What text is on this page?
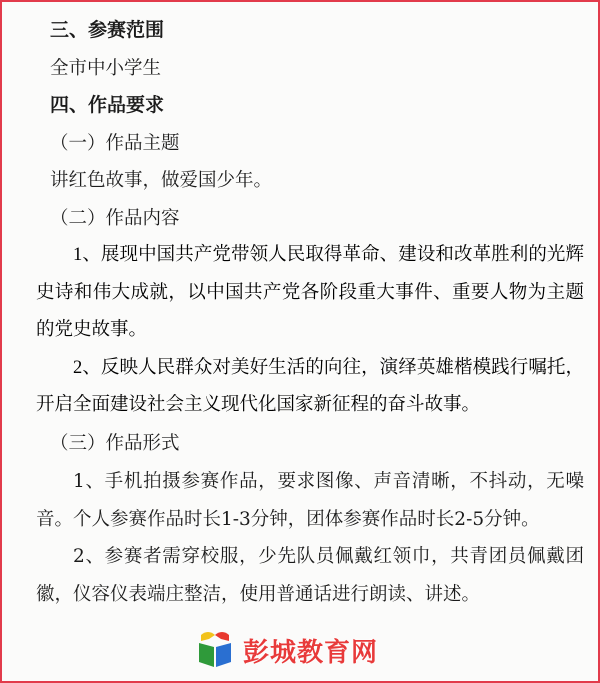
三、参赛范围
全市中小学生
四、作品要求
（一）作品主题
讲红色故事，做爱国少年。
（二）作品内容

1、展现中国共产党带领人民取得革命、建设和改革胜利的光辉史诗和伟大成就，以中国共产党各阶段重大事件、重要人物为主题的党史故事。

2、反映人民群众对美好生活的向往，演绎英雄楷模践行嘱托，开启全面建设社会主义现代化国家新征程的奋斗故事。

（三）作品形式

1、手机拍摄参赛作品，要求图像、声音清晰，不抖动，无噪音。个人参赛作品时长1-3分钟，团体参赛作品时长2-5分钟。

2、参赛者需穿校服，少先队员佩戴红领巾，共青团员佩戴团徽，仪容仪表端庄整洁，使用普通话进行朗读、讲述。

彭城教育网
